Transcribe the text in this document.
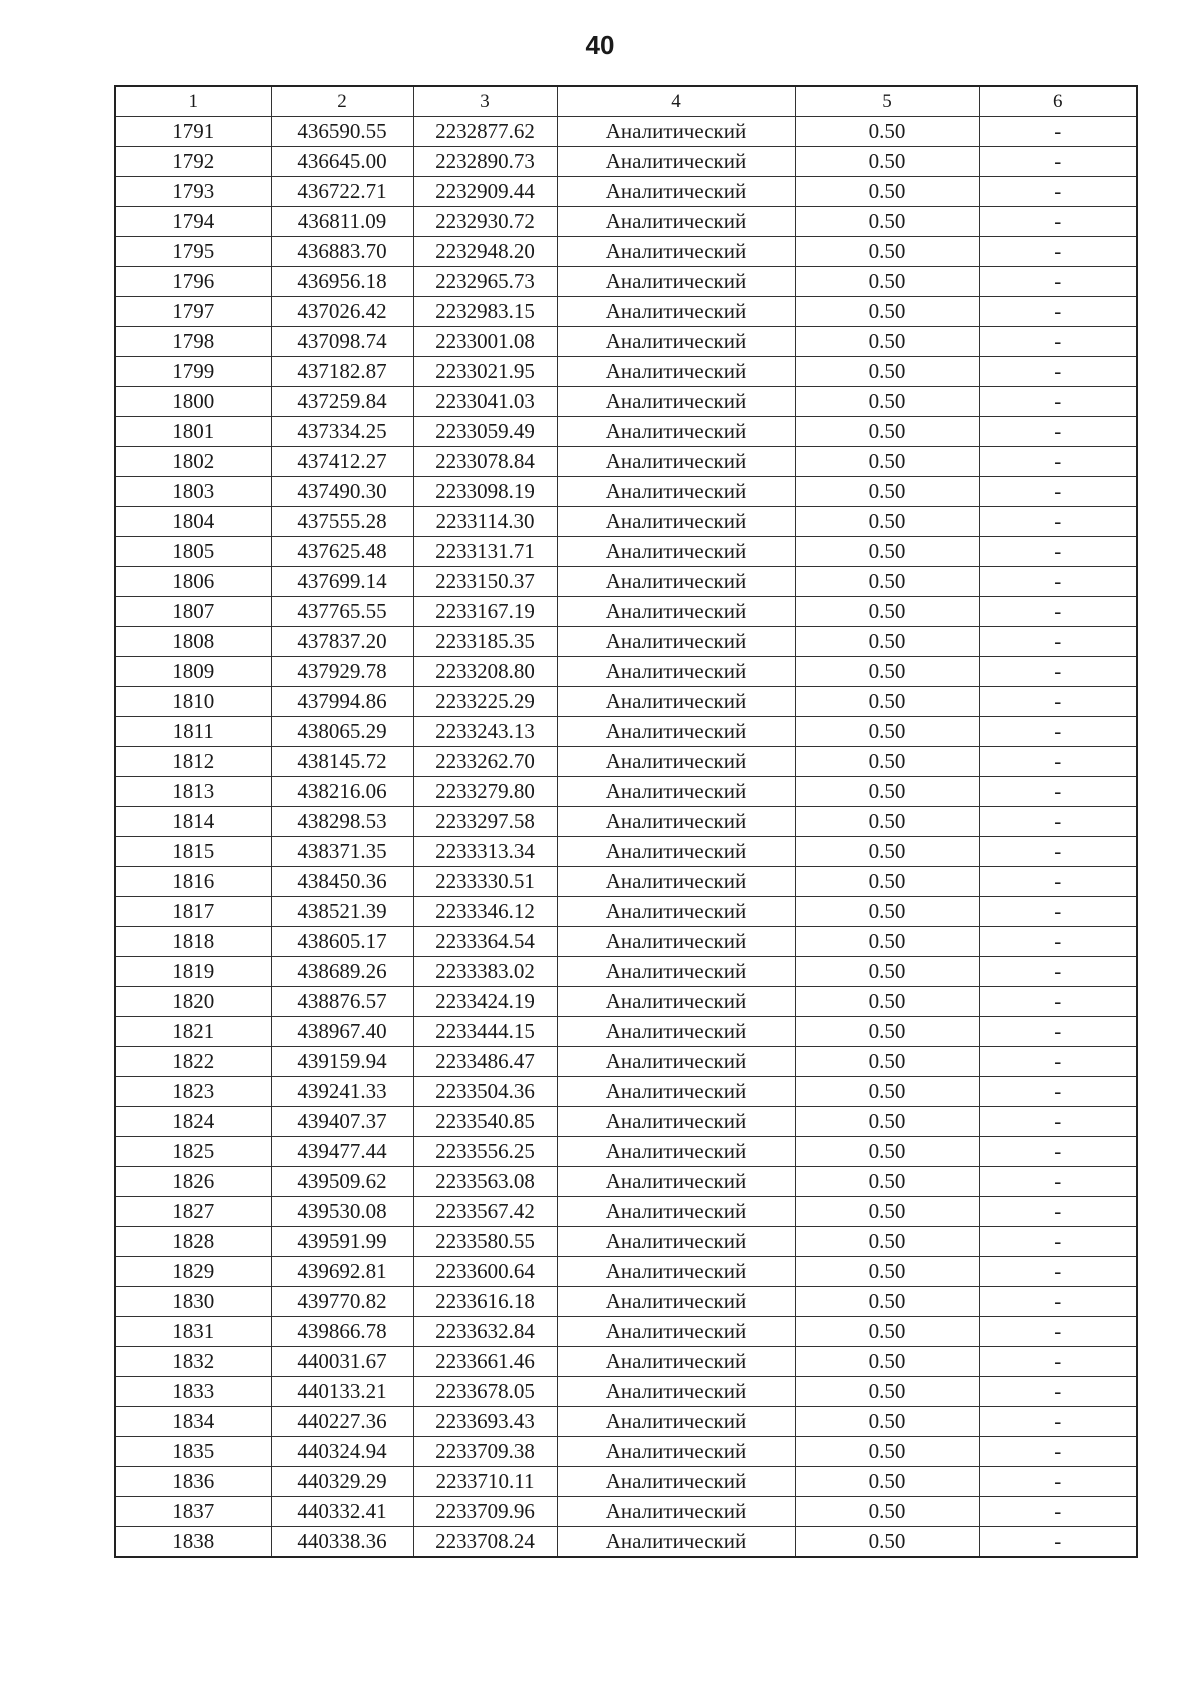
40
1	2	3	4	5	6
1791	436590.55	2232877.62	Аналитический	0.50	-
1792	436645.00	2232890.73	Аналитический	0.50	-
1793	436722.71	2232909.44	Аналитический	0.50	-
1794	436811.09	2232930.72	Аналитический	0.50	-
1795	436883.70	2232948.20	Аналитический	0.50	-
1796	436956.18	2232965.73	Аналитический	0.50	-
1797	437026.42	2232983.15	Аналитический	0.50	-
1798	437098.74	2233001.08	Аналитический	0.50	-
1799	437182.87	2233021.95	Аналитический	0.50	-
1800	437259.84	2233041.03	Аналитический	0.50	-
1801	437334.25	2233059.49	Аналитический	0.50	-
1802	437412.27	2233078.84	Аналитический	0.50	-
1803	437490.30	2233098.19	Аналитический	0.50	-
1804	437555.28	2233114.30	Аналитический	0.50	-
1805	437625.48	2233131.71	Аналитический	0.50	-
1806	437699.14	2233150.37	Аналитический	0.50	-
1807	437765.55	2233167.19	Аналитический	0.50	-
1808	437837.20	2233185.35	Аналитический	0.50	-
1809	437929.78	2233208.80	Аналитический	0.50	-
1810	437994.86	2233225.29	Аналитический	0.50	-
1811	438065.29	2233243.13	Аналитический	0.50	-
1812	438145.72	2233262.70	Аналитический	0.50	-
1813	438216.06	2233279.80	Аналитический	0.50	-
1814	438298.53	2233297.58	Аналитический	0.50	-
1815	438371.35	2233313.34	Аналитический	0.50	-
1816	438450.36	2233330.51	Аналитический	0.50	-
1817	438521.39	2233346.12	Аналитический	0.50	-
1818	438605.17	2233364.54	Аналитический	0.50	-
1819	438689.26	2233383.02	Аналитический	0.50	-
1820	438876.57	2233424.19	Аналитический	0.50	-
1821	438967.40	2233444.15	Аналитический	0.50	-
1822	439159.94	2233486.47	Аналитический	0.50	-
1823	439241.33	2233504.36	Аналитический	0.50	-
1824	439407.37	2233540.85	Аналитический	0.50	-
1825	439477.44	2233556.25	Аналитический	0.50	-
1826	439509.62	2233563.08	Аналитический	0.50	-
1827	439530.08	2233567.42	Аналитический	0.50	-
1828	439591.99	2233580.55	Аналитический	0.50	-
1829	439692.81	2233600.64	Аналитический	0.50	-
1830	439770.82	2233616.18	Аналитический	0.50	-
1831	439866.78	2233632.84	Аналитический	0.50	-
1832	440031.67	2233661.46	Аналитический	0.50	-
1833	440133.21	2233678.05	Аналитический	0.50	-
1834	440227.36	2233693.43	Аналитический	0.50	-
1835	440324.94	2233709.38	Аналитический	0.50	-
1836	440329.29	2233710.11	Аналитический	0.50	-
1837	440332.41	2233709.96	Аналитический	0.50	-
1838	440338.36	2233708.24	Аналитический	0.50	-
